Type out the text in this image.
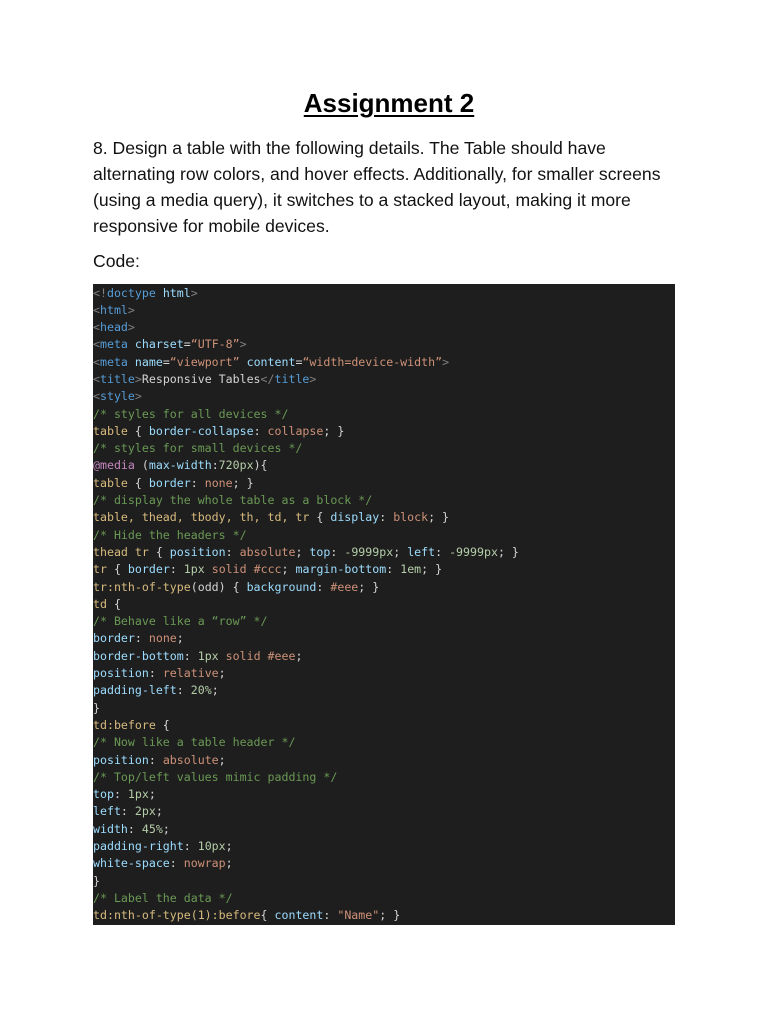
Assignment 2
8. Design a table with the following details. The Table should have alternating row colors, and hover effects. Additionally, for smaller screens (using a media query), it switches to a stacked layout, making it more responsive for mobile devices.
Code:
<!doctype html>
<html>
<head>
<meta charset=“UTF-8”>
<meta name=“viewport” content=“width=device-width”>
<title>Responsive Tables</title>
<style>
/* styles for all devices */
table { border-collapse: collapse; }
/* styles for small devices */
@media (max-width:720px){
table { border: none; }
/* display the whole table as a block */
table, thead, tbody, th, td, tr { display: block; }
/* Hide the headers */
thead tr { position: absolute; top: -9999px; left: -9999px; }
tr { border: 1px solid #ccc; margin-bottom: 1em; }
tr:nth-of-type(odd) { background: #eee; }
td {
/* Behave like a “row” */
border: none;
border-bottom: 1px solid #eee;
position: relative;
padding-left: 20%;
}
td:before {
/* Now like a table header */
position: absolute;
/* Top/left values mimic padding */
top: 1px;
left: 2px;
width: 45%;
padding-right: 10px;
white-space: nowrap;
}
/* Label the data */
td:nth-of-type(1):before{ content: "Name"; }
